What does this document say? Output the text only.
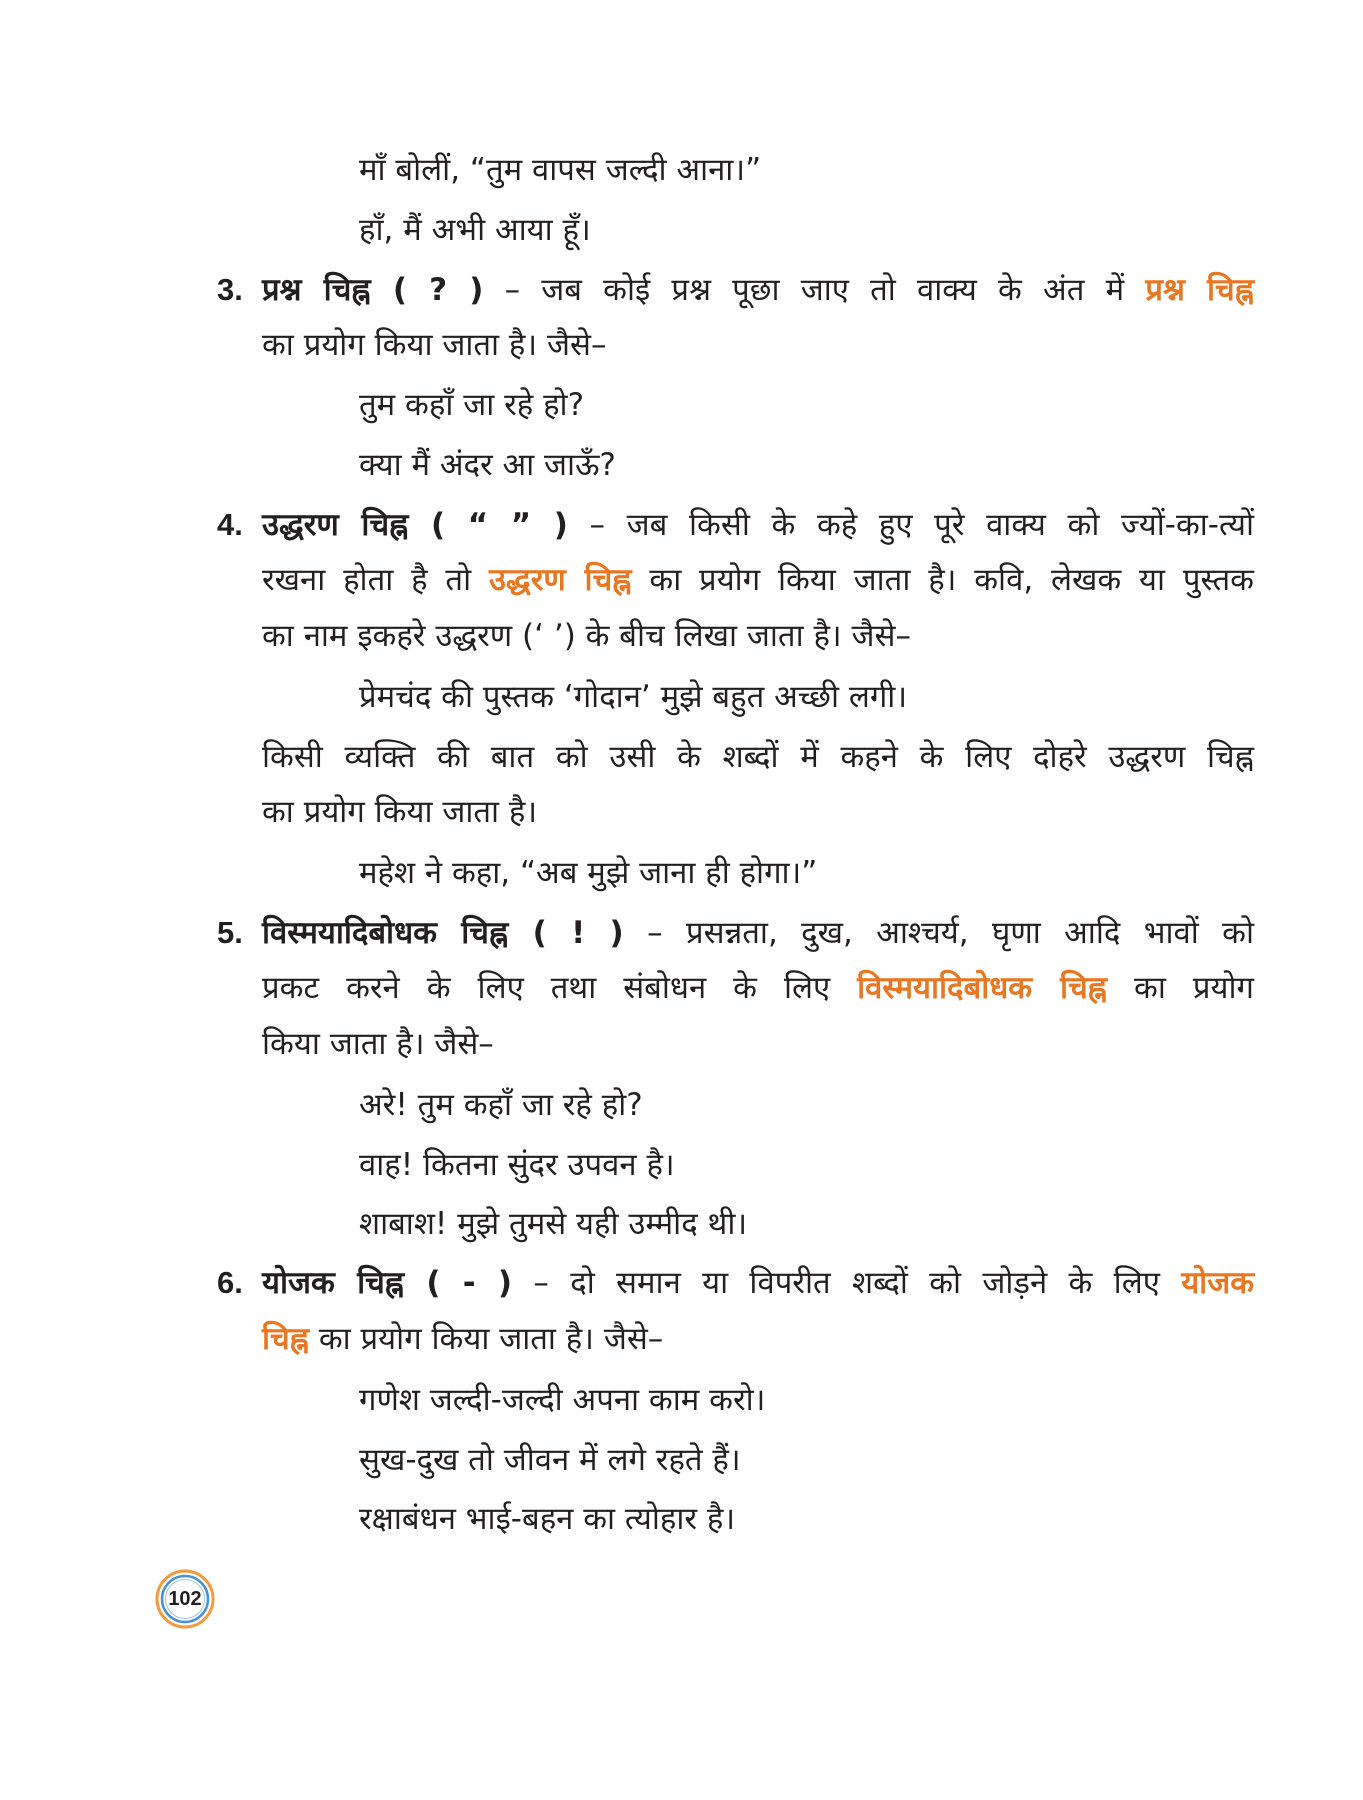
माँ बोलीं, “तुम वापस जल्दी आना।”
हाँ, मैं अभी आया हूँ।
3. प्रश्न चिह्न ( ? ) – जब कोई प्रश्न पूछा जाए तो वाक्य के अंत में प्रश्न चिह्न
का प्रयोग किया जाता है। जैसे–
तुम कहाँ जा रहे हो?
क्या मैं अंदर आ जाऊँ?
4. उद्धरण चिह्न ( “ ” ) – जब किसी के कहे हुए पूरे वाक्य को ज्यों-का-त्यों
रखना होता है तो उद्धरण चिह्न का प्रयोग किया जाता है। कवि, लेखक या पुस्तक
का नाम इकहरे उद्धरण (‘ ’) के बीच लिखा जाता है। जैसे–
प्रेमचंद की पुस्तक ‘गोदान’ मुझे बहुत अच्छी लगी।
किसी व्यक्ति की बात को उसी के शब्दों में कहने के लिए दोहरे उद्धरण चिह्न
का प्रयोग किया जाता है।
महेश ने कहा, “अब मुझे जाना ही होगा।”
5. विस्मयादिबोधक चिह्न ( ! ) – प्रसन्नता, दुख, आश्चर्य, घृणा आदि भावों को
प्रकट करने के लिए तथा संबोधन के लिए विस्मयादिबोधक चिह्न का प्रयोग
किया जाता है। जैसे–
अरे! तुम कहाँ जा रहे हो?
वाह! कितना सुंदर उपवन है।
शाबाश! मुझे तुमसे यही उम्मीद थी।
6. योजक चिह्न ( - ) – दो समान या विपरीत शब्दों को जोड़ने के लिए योजक
चिह्न का प्रयोग किया जाता है। जैसे–
गणेश जल्दी-जल्दी अपना काम करो।
सुख-दुख तो जीवन में लगे रहते हैं।
रक्षाबंधन भाई-बहन का त्योहार है।
102
